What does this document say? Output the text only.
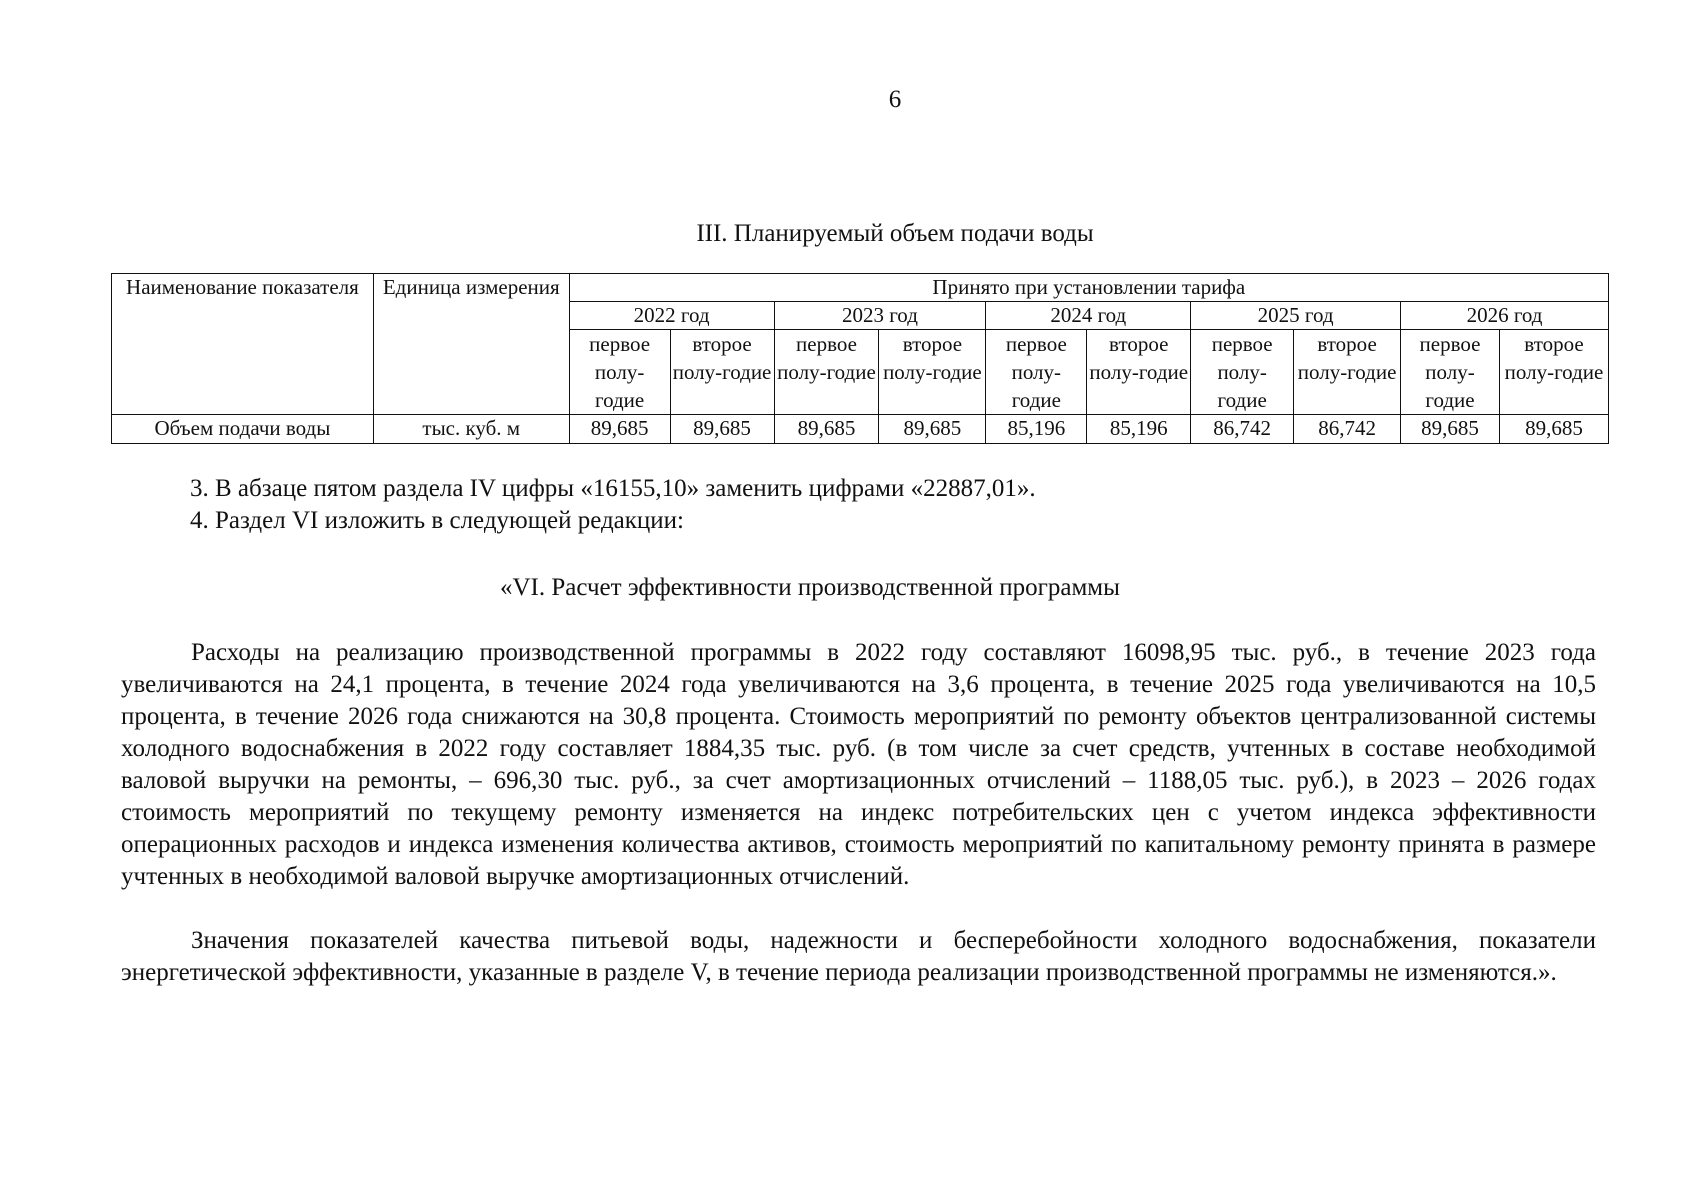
6
III. Планируемый объем подачи воды
Наименование показателя	Единица измерения	Принято при установлении тарифа									
		2022 год		2023 год		2024 год		2025 год		2026 год	
		первое полу-годие	второе полу-годие	первое полу-годие	второе полу-годие	первое полу-годие	второе полу-годие	первое полу-годие	второе полу-годие	первое полу-годие	второе полу-годие
Объем подачи воды	тыс. куб. м	89,685	89,685	89,685	89,685	85,196	85,196	86,742	86,742	89,685	89,685
3. В абзаце пятом раздела IV цифры «16155,10» заменить цифрами «22887,01».
4. Раздел VI изложить в следующей редакции:
«VI. Расчет эффективности производственной программы
Расходы на реализацию производственной программы в 2022 году составляют 16098,95 тыс. руб., в течение 2023 года увеличиваются на 24,1 процента, в течение 2024 года увеличиваются на 3,6 процента, в течение 2025 года увеличиваются на 10,5 процента, в течение 2026 года снижаются на 30,8 процента. Стоимость мероприятий по ремонту объектов централизованной системы холодного водоснабжения в 2022 году составляет 1884,35 тыс. руб. (в том числе за счет средств, учтенных в составе необходимой валовой выручки на ремонты, – 696,30 тыс. руб., за счет амортизационных отчислений – 1188,05 тыс. руб.), в 2023 – 2026 годах стоимость мероприятий по текущему ремонту изменяется на индекс потребительских цен с учетом индекса эффективности операционных расходов и индекса изменения количества активов, стоимость мероприятий по капитальному ремонту принята в размере учтенных в необходимой валовой выручке амортизационных отчислений.
Значения показателей качества питьевой воды, надежности и бесперебойности холодного водоснабжения, показатели энергетической эффективности, указанные в разделе V, в течение периода реализации производственной программы не изменяются.».
